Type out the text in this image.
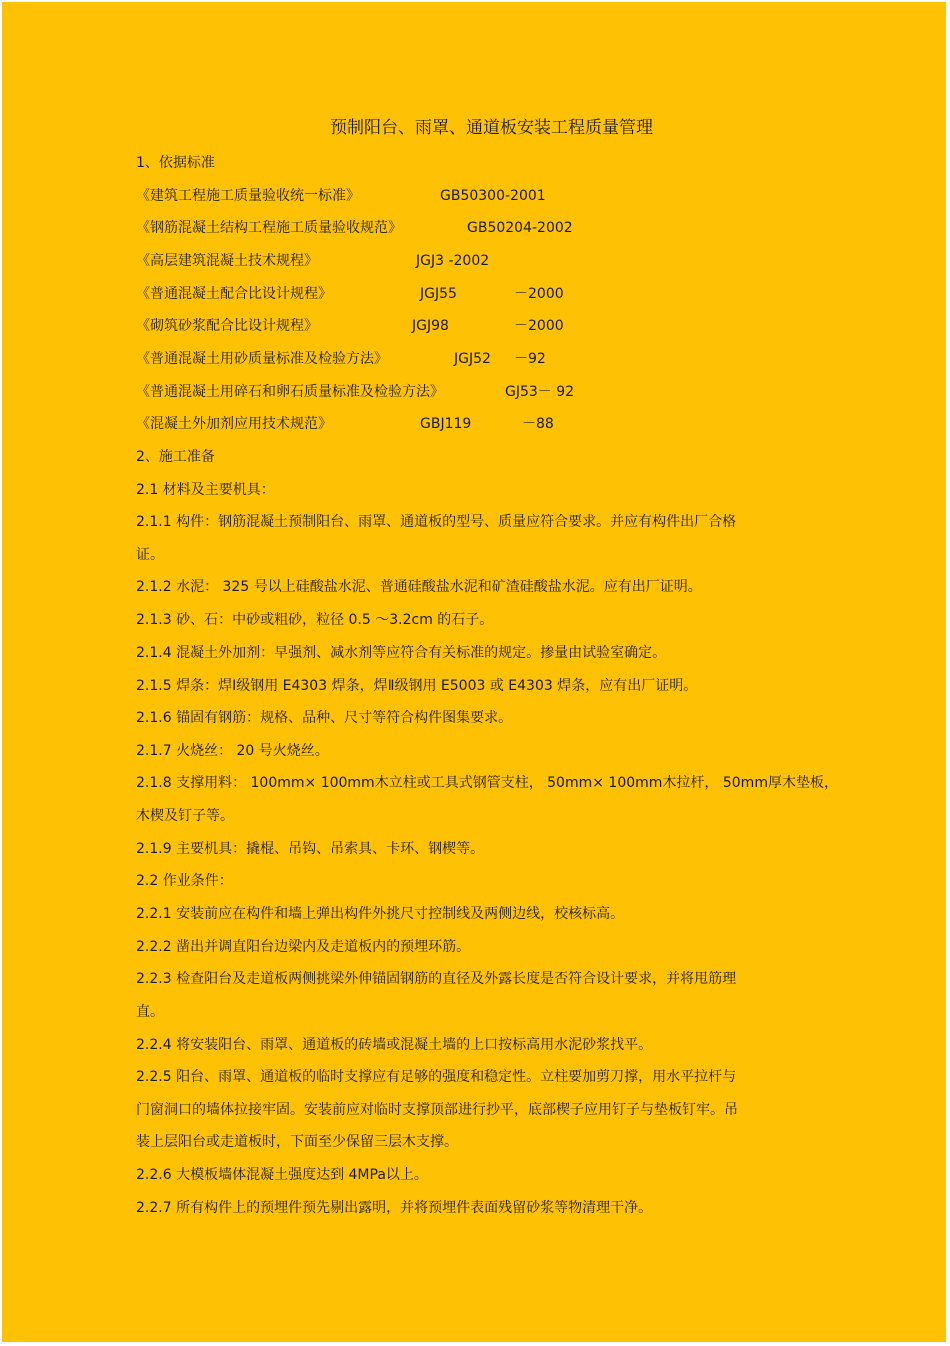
预制阳台、雨罩、通道板安装工程质量管理
1、依据标准
《建筑工程施工质量验收统一标准》	GB50300-2001
《钢筋混凝土结构工程施工质量验收规范》	GB50204-2002
《高层建筑混凝土技术规程》	JGJ3 -2002
《普通混凝土配合比设计规程》	JGJ55	－2000
《砌筑砂浆配合比设计规程》	JGJ98	－2000
《普通混凝土用砂质量标准及检验方法》	JGJ52 －92
《普通混凝土用碎石和卵石质量标准及检验方法》	GJ53－ 92
《混凝土外加剂应用技术规范》	GBJ119	－88
2、施工准备
2.1 材料及主要机具：
2.1.1 构件：钢筋混凝土预制阳台、雨罩、通道板的型号、质量应符合要求。并应有构件出厂合格
证。
2.1.2 水泥： 325 号以上硅酸盐水泥、普通硅酸盐水泥和矿渣硅酸盐水泥。应有出厂证明。
2.1.3 砂、石：中砂或粗砂，粒径 0.5 ～3.2cm 的石子。
2.1.4 混凝土外加剂：早强剂、减水剂等应符合有关标准的规定。掺量由试验室确定。
2.1.5 焊条：焊Ⅰ级钢用 E4303 焊条，焊Ⅱ级钢用 E5003 或 E4303 焊条，应有出厂证明。
2.1.6 锚固有钢筋：规格、品种、尺寸等符合构件图集要求。
2.1.7 火烧丝： 20 号火烧丝。
2.1.8 支撑用料： 100mm× 100mm木立柱或工具式钢管支柱， 50mm× 100mm木拉杆， 50mm厚木垫板，
木楔及钉子等。
2.1.9 主要机具：撬棍、吊钩、吊索具、卡环、钢楔等。
2.2 作业条件：
2.2.1 安装前应在构件和墙上弹出构件外挑尺寸控制线及两侧边线，校核标高。
2.2.2 凿出并调直阳台边梁内及走道板内的预埋环筋。
2.2.3 检查阳台及走道板两侧挑梁外伸锚固钢筋的直径及外露长度是否符合设计要求，并将甩筋理
直。
2.2.4 将安装阳台、雨罩、通道板的砖墙或混凝土墙的上口按标高用水泥砂浆找平。
2.2.5 阳台、雨罩、通道板的临时支撑应有足够的强度和稳定性。立柱要加剪刀撑，用水平拉杆与
门窗洞口的墙体拉接牢固。安装前应对临时支撑顶部进行抄平，底部楔子应用钉子与垫板钉牢。吊
装上层阳台或走道板时，下面至少保留三层木支撑。
2.2.6 大模板墙体混凝土强度达到 4MPa以上。
2.2.7 所有构件上的预埋件预先剔出露明，并将预埋件表面残留砂浆等物清理干净。
